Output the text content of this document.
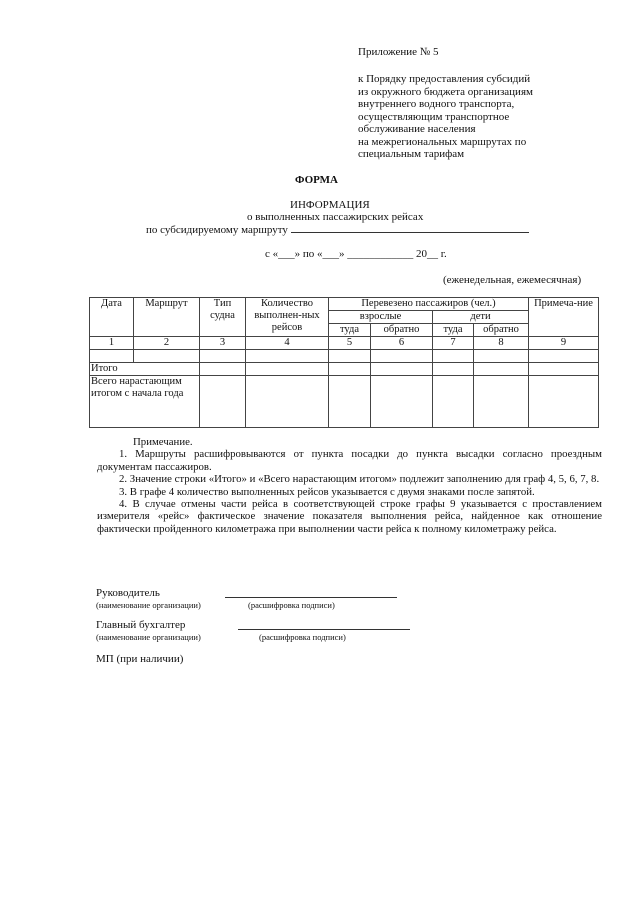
Приложение № 5
к Порядку предоставления субсидий
из окружного бюджета организациям
внутреннего водного транспорта,
осуществляющим транспортное
обслуживание населения
на межрегиональных маршрутах по
специальным тарифам
ФОРМА
ИНФОРМАЦИЯ
о выполненных пассажирских рейсах
по субсидируемому маршруту
с «___» по «___» ____________ 20__ г.
(еженедельная, ежемесячная)
Дата	Маршрут	Тип судна	Количество выполнен-ных рейсов	Перевезено пассажиров (чел.)				Примеча-ние
				взрослые		дети		
				туда	обратно	туда	обратно	
1	2	3	4	5	6	7	8	9

Итого								
Всего нарастающим итогом с начала года								

Примечание.

1. Маршруты расшифровываются от пункта посадки до пункта высадки согласно проездным документам пассажиров.

2. Значение строки «Итого» и «Всего нарастающим итогом» подлежит заполнению для граф 4, 5, 6, 7, 8.

3. В графе 4 количество выполненных рейсов указывается с двумя знаками после запятой.

4. В случае отмены части рейса в соответствующей строке графы 9 указывается с проставлением измерителя «рейс» фактическое значение показателя выполнения рейса, найденное как отношение фактически пройденного километража при выполнении части рейса к полному километражу рейса.

Руководитель
(наименование организации)	(расшифровка подписи)
Главный бухгалтер
(наименование организации)	(расшифровка подписи)
МП (при наличии)
